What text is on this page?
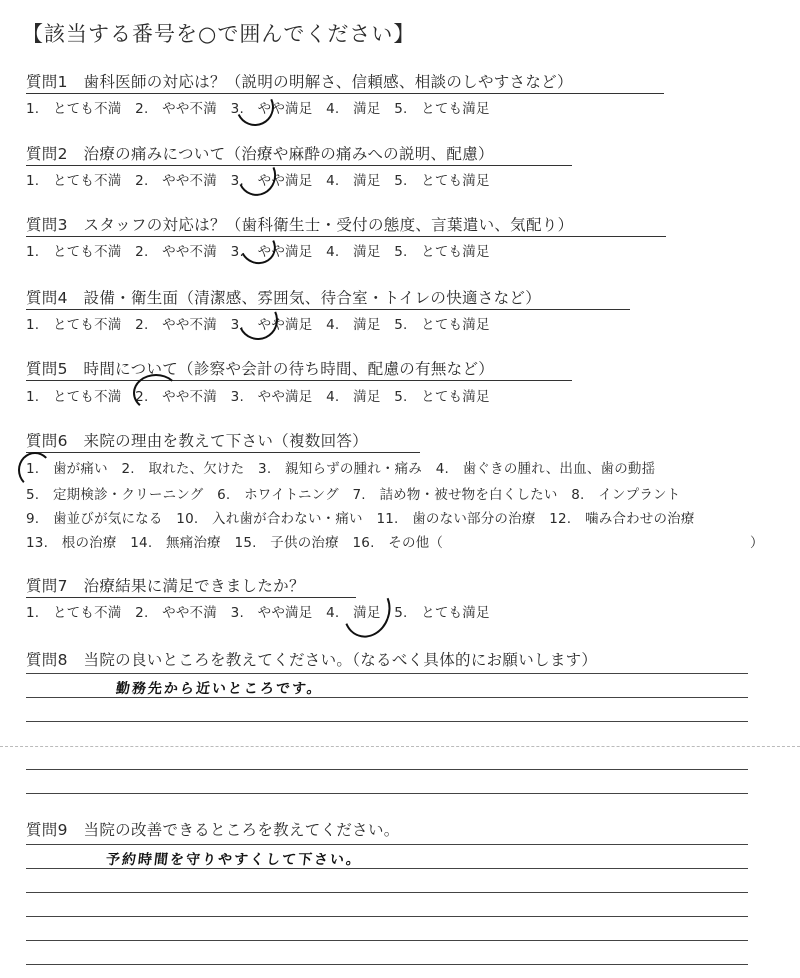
【該当する番号を○で囲んでください】
質問1　歯科医師の対応は？（説明の明解さ、信頼感、相談のしやすさなど）
1.　とても不満　2.　やや不満　3.　やや満足　4.　満足　5.　とても満足
質問2　治療の痛みについて（治療や麻酔の痛みへの説明、配慮）
1.　とても不満　2.　やや不満　3.　やや満足　4.　満足　5.　とても満足
質問3　スタッフの対応は？（歯科衛生士・受付の態度、言葉遣い、気配り）
1.　とても不満　2.　やや不満　3.　やや満足　4.　満足　5.　とても満足
質問4　設備・衛生面（清潔感、雰囲気、待合室・トイレの快適さなど）
1.　とても不満　2.　やや不満　3.　やや満足　4.　満足　5.　とても満足
質問5　時間について（診察や会計の待ち時間、配慮の有無など）
1.　とても不満　2.　やや不満　3.　やや満足　4.　満足　5.　とても満足
質問6　来院の理由を教えて下さい（複数回答）
1.　歯が痛い　2.　取れた、欠けた　3.　親知らずの腫れ・痛み　4.　歯ぐきの腫れ、出血、歯の動揺
5.　定期検診・クリーニング　6.　ホワイトニング　7.　詰め物・被せ物を白くしたい　8.　インプラント
9.　歯並びが気になる　10.　入れ歯が合わない・痛い　11.　歯のない部分の治療　12.　噛み合わせの治療
13.　根の治療　14.　無痛治療　15.　子供の治療　16.　その他（	）
質問7　治療結果に満足できましたか？
1.　とても不満　2.　やや不満　3.　やや満足　4.　満足　5.　とても満足
質問8　当院の良いところを教えてください。（なるべく具体的にお願いします）
勤務先から近いところです。
質問9　当院の改善できるところを教えてください。
予約時間を守りやすくして下さい。
